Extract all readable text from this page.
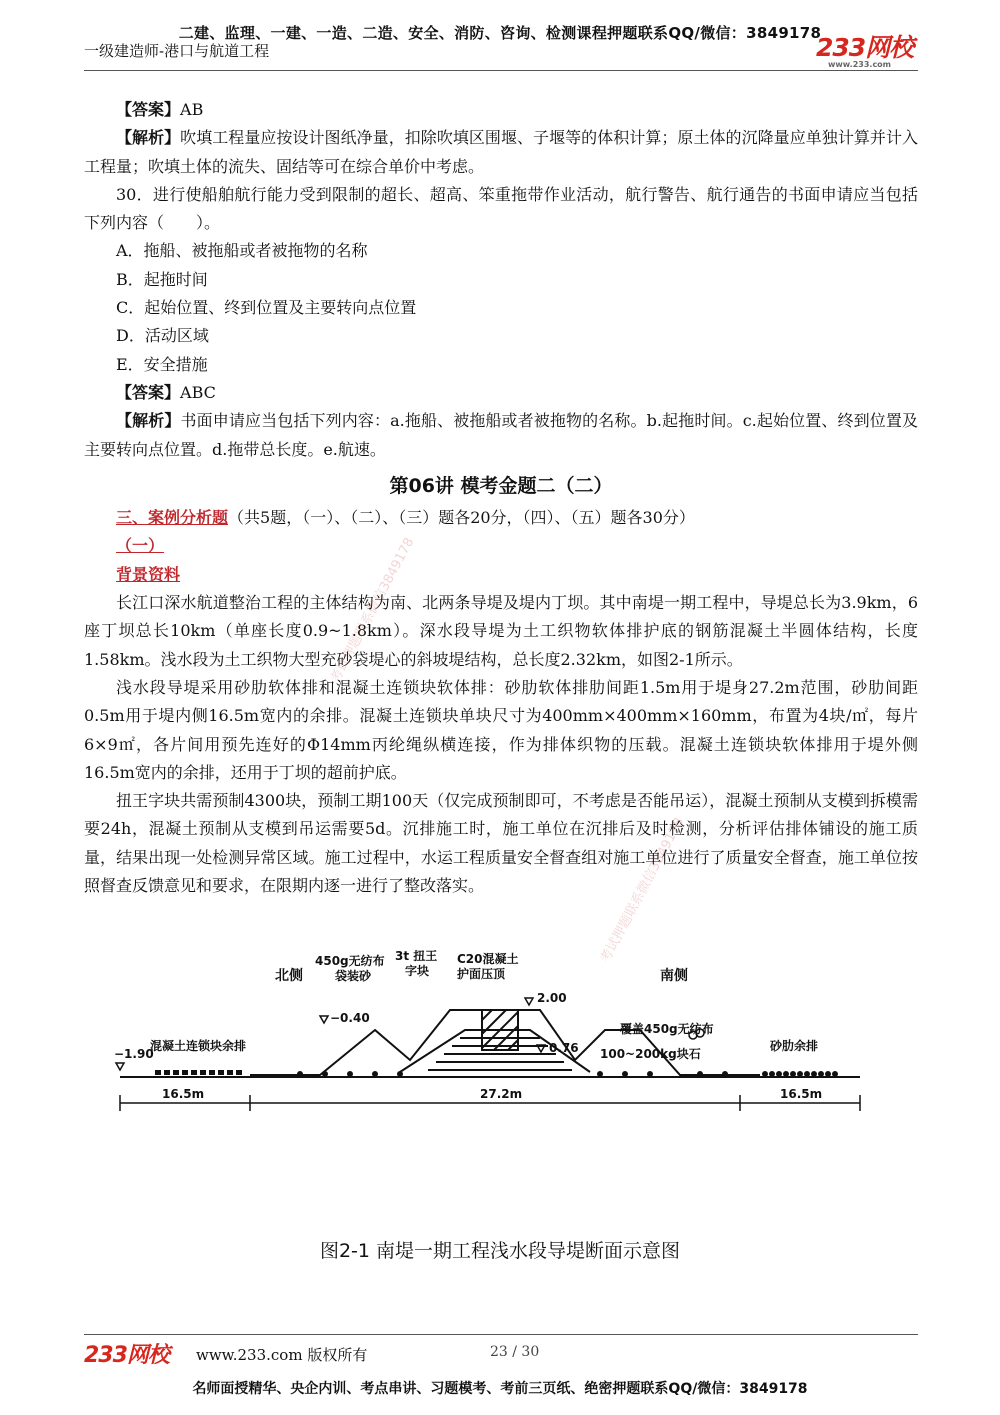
二建、监理、一建、一造、二造、安全、消防、咨询、检测课程押题联系QQ/微信：3849178
一级建造师-港口与航道工程	233网校
www.233.com

【答案】AB

【解析】吹填工程量应按设计图纸净量，扣除吹填区围堰、子堰等的体积计算；原土体的沉降量应单独计算并计入工程量；吹填土体的流失、固结等可在综合单价中考虑。

30．进行使船舶航行能力受到限制的超长、超高、笨重拖带作业活动，航行警告、航行通告的书面申请应当包括下列内容（　　）。

A．拖船、被拖船或者被拖物的名称

B．起拖时间

C．起始位置、终到位置及主要转向点位置

D．活动区域

E．安全措施

【答案】ABC

【解析】书面申请应当包括下列内容：a.拖船、被拖船或者被拖物的名称。b.起拖时间。c.起始位置、终到位置及主要转向点位置。d.拖带总长度。e.航速。

第06讲 模考金题二（二）

三、案例分析题（共5题，（一）、（二）、（三）题各20分，（四）、（五）题各30分）

（一）

背景资料

长江口深水航道整治工程的主体结构为南、北两条导堤及堤内丁坝。其中南堤一期工程中，导堤总长为3.9km，6座丁坝总长10km（单座长度0.9~1.8km）。深水段导堤为土工织物软体排护底的钢筋混凝土半圆体结构，长度1.58km。浅水段为土工织物大型充砂袋堤心的斜坡堤结构，总长度2.32km，如图2-1所示。

浅水段导堤采用砂肋软体排和混凝土连锁块软体排：砂肋软体排肋间距1.5m用于堤身27.2m范围，砂肋间距0.5m用于堤内侧16.5m宽内的余排。混凝土连锁块单块尺寸为400mm×400mm×160mm，布置为4块/㎡，每片6×9㎡，各片间用预先连好的Φ14mm丙纶绳纵横连接，作为排体织物的压载。混凝土连锁块软体排用于堤外侧16.5m宽内的余排，还用于丁坝的超前护底。

扭王字块共需预制4300块，预制工期100天（仅完成预制即可，不考虑是否能吊运），混凝土预制从支模到拆模需要24h，混凝土预制从支模到吊运需要5d。沉排施工时，施工单位在沉排后及时检测，分析评估排体铺设的施工质量，结果出现一处检测异常区域。施工过程中，水运工程质量安全督查组对施工单位进行了质量安全督查，施工单位按照督查反馈意见和要求，在限期内逐一进行了整改落实。

考试押题联系微信3849178
考试押题联系微信3849178
北侧	南侧
450g无纺布
袋装砂
3t 扭王
字块
C20混凝土
护面压顶
覆盖450g无纺布
混凝土连锁块余排	砂肋余排
100~200kg块石
2.00
0.76
−0.40
−1.90
16.5m	27.2m	16.5m
图2-1 南堤一期工程浅水段导堤断面示意图
233网校 www.233.com 版权所有	23 / 30
名师面授精华、央企内训、考点串讲、习题模考、考前三页纸、绝密押题联系QQ/微信：3849178
